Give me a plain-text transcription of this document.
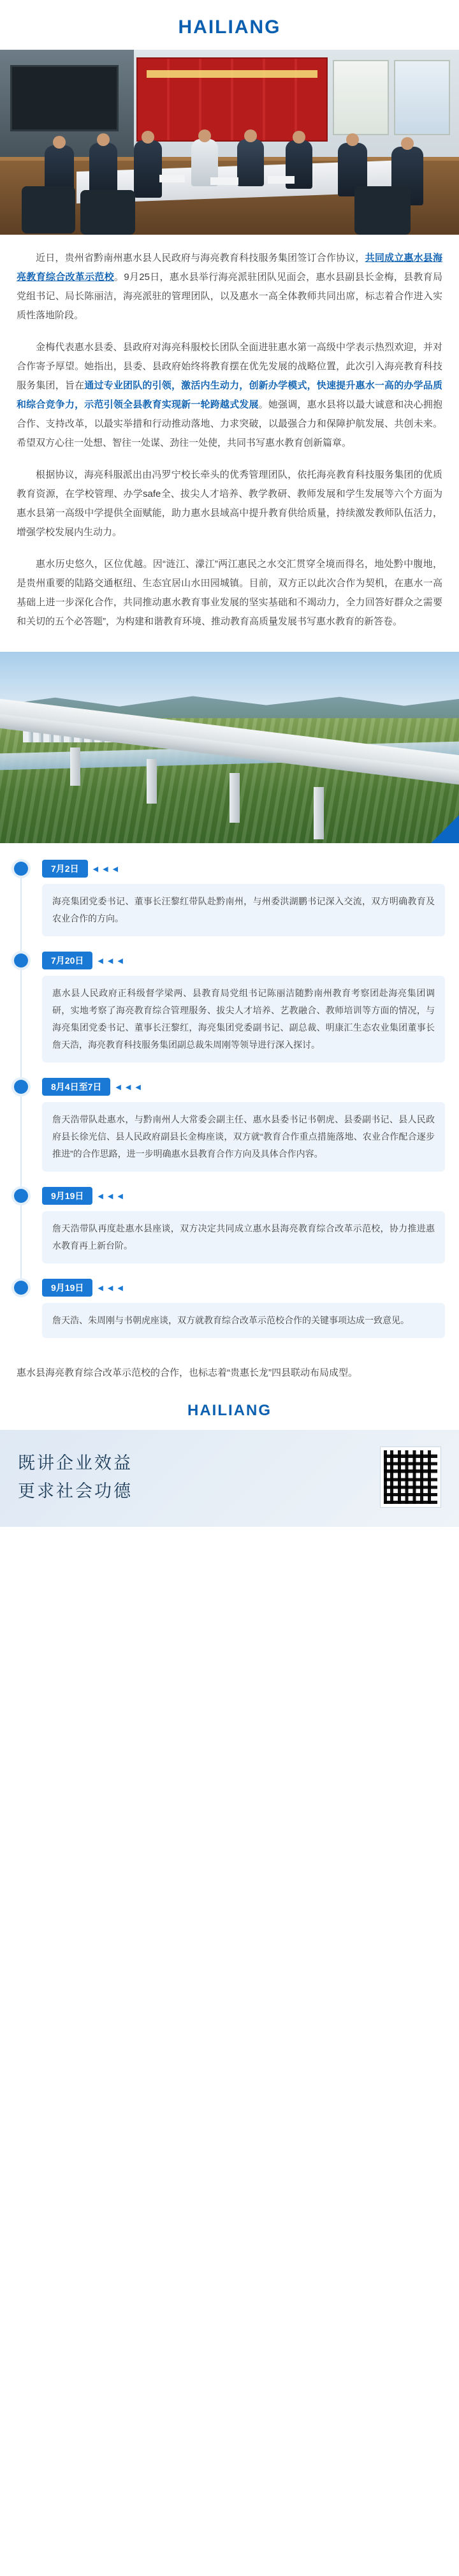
HAILIANG

近日，贵州省黔南州惠水县人民政府与海亮教育科技服务集团签订合作协议，共同成立惠水县海亮教育综合改革示范校。9月25日，惠水县举行海亮派驻团队见面会，惠水县副县长金梅，县教育局党组书记、局长陈丽洁，海亮派驻的管理团队，以及惠水一高全体教师共同出席，标志着合作进入实质性落地阶段。

金梅代表惠水县委、县政府对海亮科服校长团队全面进驻惠水第一高级中学表示热烈欢迎，并对合作寄予厚望。她指出，县委、县政府始终将教育摆在优先发展的战略位置，此次引入海亮教育科技服务集团，旨在通过专业团队的引领，激活内生动力，创新办学模式，快速提升惠水一高的办学品质和综合竞争力，示范引领全县教育实现新一轮跨越式发展。她强调，惠水县将以最大诚意和决心拥抱合作、支持改革，以最实举措和行动推动落地、力求突破，以最强合力和保障护航发展、共创未来。希望双方心往一处想、智往一处谋、劲往一处使，共同书写惠水教育创新篇章。

根据协议，海亮科服派出由冯罗宁校长牵头的优秀管理团队，依托海亮教育科技服务集团的优质教育资源，在学校管理、办学safe全、拔尖人才培养、教学教研、教师发展和学生发展等六个方面为惠水县第一高级中学提供全面赋能，助力惠水县域高中提升教育供给质量，持续激发教师队伍活力，增强学校发展内生动力。

惠水历史悠久，区位优越。因“涟江、濛江”两江惠民之水交汇贯穿全境而得名，地处黔中腹地，是贵州重要的陆路交通枢纽、生态宜居山水田园城镇。目前，双方正以此次合作为契机，在惠水一高基础上进一步深化合作，共同推动惠水教育事业发展的坚实基础和不竭动力，全力回答好群众之需要和关切的五个必答题”，为构建和谐教育环境、推动教育高质量发展书写惠水教育的新答卷。

7月2日	◀ ◀ ◀
海亮集团党委书记、董事长汪黎红带队赴黔南州，与州委洪湖鹏书记深入交流，双方明确教育及农业合作的方向。
7月20日	◀ ◀ ◀
惠水县人民政府正科级督学梁两、县教育局党组书记陈丽洁随黔南州教育考察团赴海亮集团调研，实地考察了海亮教育综合管理服务、拔尖人才培养、艺教融合、教师培训等方面的情况，与海亮集团党委书记、董事长汪黎红，海亮集团党委副书记、副总裁、明康汇生态农业集团董事长詹天浩，海亮教育科技服务集团副总裁朱周刚等领导进行深入探讨。
8月4日至7日	◀ ◀ ◀
詹天浩带队赴惠水，与黔南州人大常委会副主任、惠水县委书记书朝虎、县委副书记、县人民政府县长徐光信、县人民政府副县长金梅座谈，双方就“教育合作重点措施落地、农业合作配合逐步推进”的合作思路，进一步明确惠水县教育合作方向及具体合作内容。
9月19日	◀ ◀ ◀
詹天浩带队再度赴惠水县座谈，双方决定共同成立惠水县海亮教育综合改革示范校，协力推进惠水教育再上新台阶。
9月19日	◀ ◀ ◀
詹天浩、朱周刚与书朝虎座谈，双方就教育综合改革示范校合作的关键事项达成一致意见。
惠水县海亮教育综合改革示范校的合作，也标志着“贵惠长龙”四县联动布局成型。
HAILIANG
既讲企业效益
更求社会功德
